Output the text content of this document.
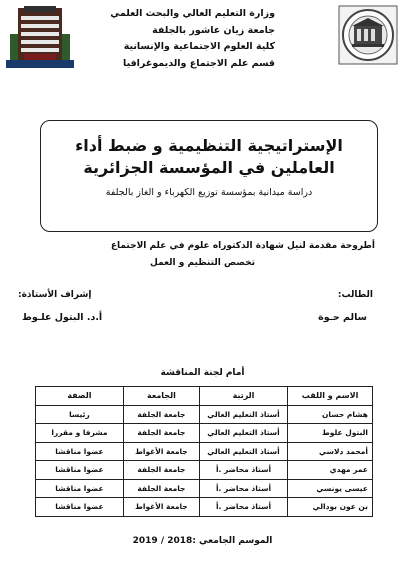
وزارة التعليم العالي والبحث العلمي
جامعة زيان عاشور بالجلفة
كلية العلوم الاجتماعية والإنسانية
قسم علم الاجتماع والديموغرافيا
الإستراتيجية التنظيمية و ضبط أداء
العاملين في المؤسسة الجزائرية
دراسة ميدانية بمؤسسة توزيع الكهرباء و الغاز بالجلفة
أطروحة مقدمة لنيل شهادة الدكتوراه علوم في علم الاجتماع
تخصص التنظيم و العمل
الطالب:
إشراف الأستاذة:
سالم حـوة
أ.د. البتول علـوط
أمام لجنة المناقشة
الاسم و اللقب	الرتبة	الجامعة	الصفة
هشام حسان	أستاذ التعليم العالي	جامعة الجلفة	رئيسا
البتول علوط	أستاذ التعليم العالي	جامعة الجلفة	مشرفا و مقررا
أمحمد دلاسي	أستاذ التعليم العالي	جامعة الأغواط	عضوا مناقشا
عمر مهدي	أستاذ محاضر .أ	جامعة الجلفة	عضوا مناقشا
عيسى يونسي	أستاذ محاضر .أ	جامعة الجلفة	عضوا مناقشا
بن عون بودالي	أستاذ محاضر .أ	جامعة الأغواط	عضوا مناقشا
الموسم الجامعي :2018 / 2019
